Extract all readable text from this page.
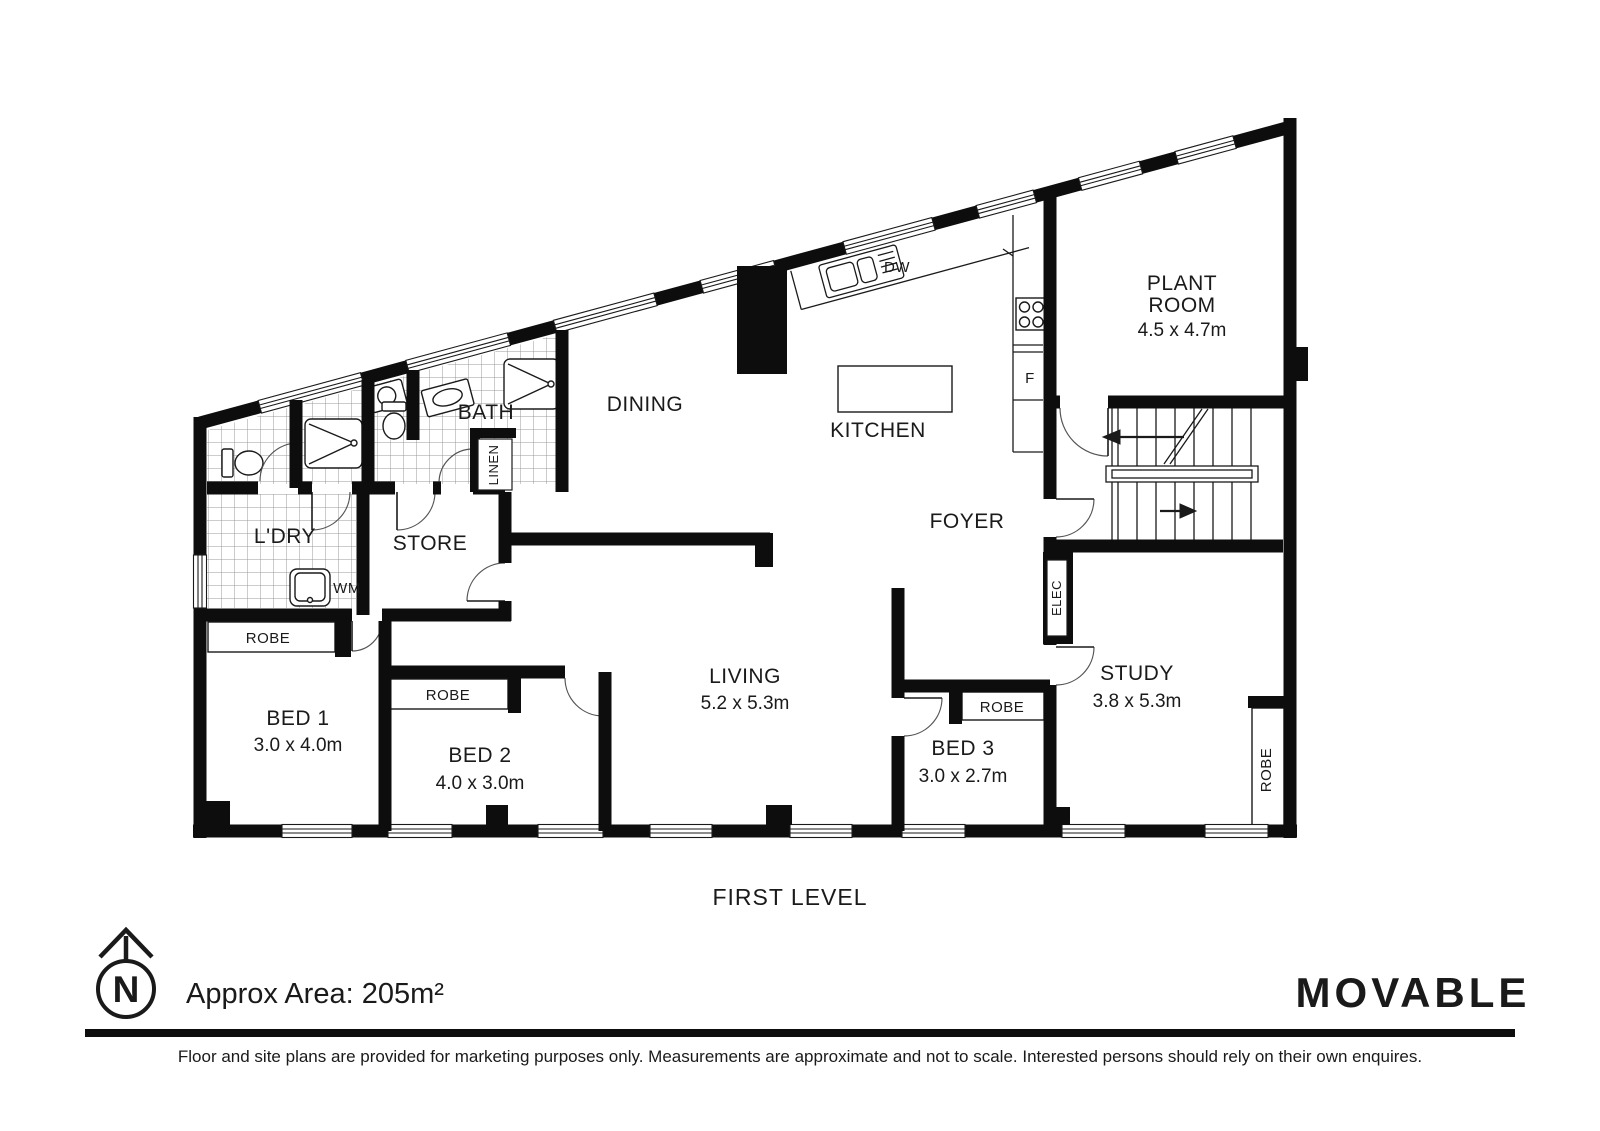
PLANT
ROOM
4.5 x 4.7m
DINING
KITCHEN
BATH
FOYER
L'DRY	STORE
LIVING
5.2 x 5.3m
STUDY
3.8 x 5.3m
BED 1
3.0 x 4.0m	BED 2
4.0 x 3.0m
BED 3
3.0 x 2.7m
DW
F
WM
ROBE
ROBE
ROBE
ROBE
LINEN
ELEC
FIRST LEVEL
N Approx Area: 205m²	MOVABLE
Floor and site plans are provided for marketing purposes only. Measurements are approximate and not to scale. Interested persons should rely on their own enquires.
